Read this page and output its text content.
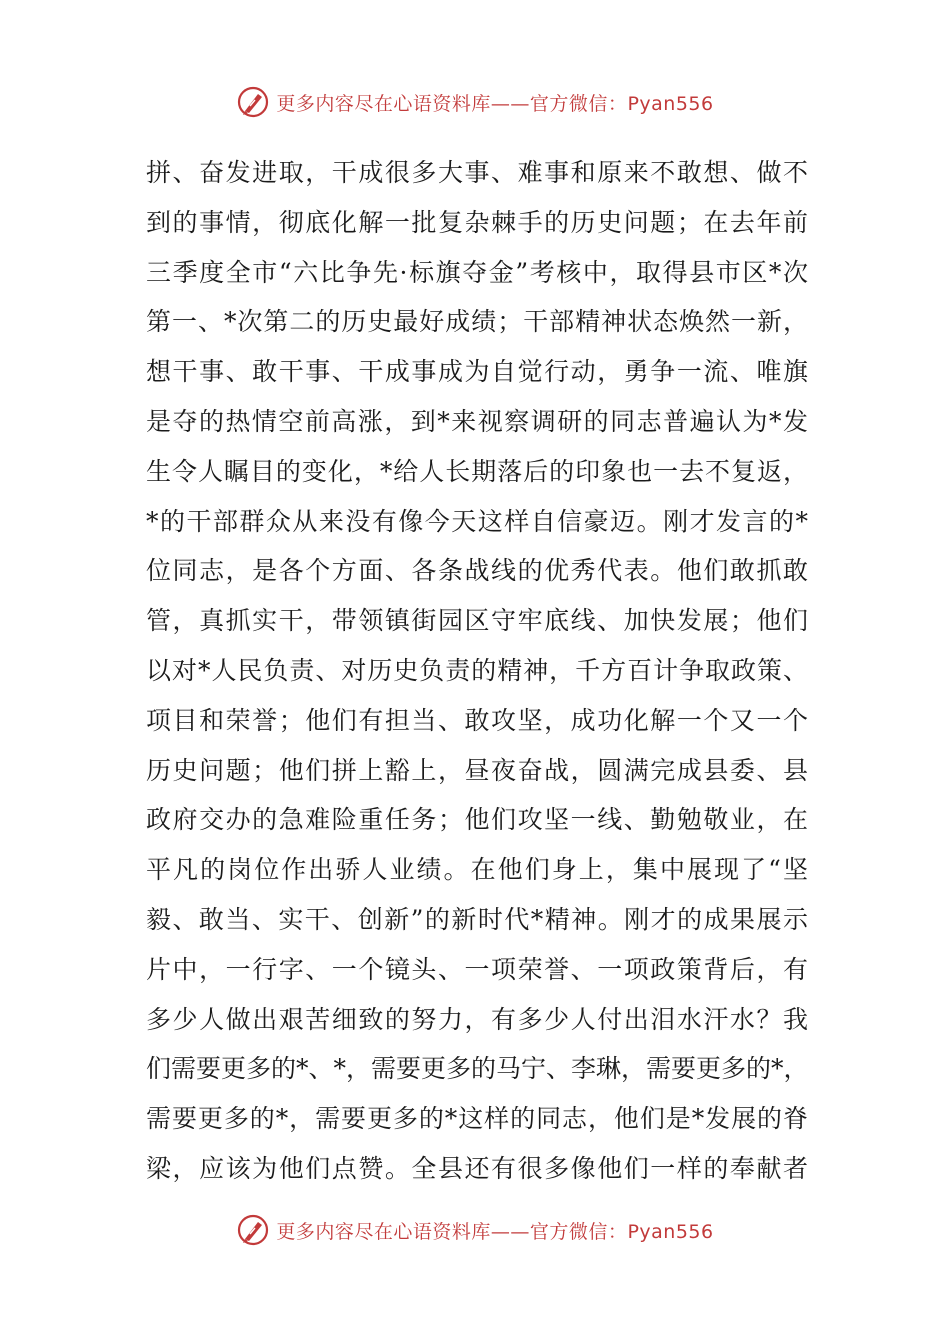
更多内容尽在心语资料库——官方微信：Pyan556
拼、奋发进取，干成很多大事、难事和原来不敢想、做不
到的事情，彻底化解一批复杂棘手的历史问题；在去年前
三季度全市“六比争先·标旗夺金”考核中，取得县市区*次
第一、*次第二的历史最好成绩；干部精神状态焕然一新，
想干事、敢干事、干成事成为自觉行动，勇争一流、唯旗
是夺的热情空前高涨，到*来视察调研的同志普遍认为*发
生令人瞩目的变化，*给人长期落后的印象也一去不复返，
*的干部群众从来没有像今天这样自信豪迈。刚才发言的*
位同志，是各个方面、各条战线的优秀代表。他们敢抓敢
管，真抓实干，带领镇街园区守牢底线、加快发展；他们
以对*人民负责、对历史负责的精神，千方百计争取政策、
项目和荣誉；他们有担当、敢攻坚，成功化解一个又一个
历史问题；他们拼上豁上，昼夜奋战，圆满完成县委、县
政府交办的急难险重任务；他们攻坚一线、勤勉敬业，在
平凡的岗位作出骄人业绩。在他们身上，集中展现了“坚
毅、敢当、实干、创新”的新时代*精神。刚才的成果展示
片中，一行字、一个镜头、一项荣誉、一项政策背后，有
多少人做出艰苦细致的努力，有多少人付出泪水汗水？我
们需要更多的*、*，需要更多的马宁、李琳，需要更多的*，
需要更多的*，需要更多的*这样的同志，他们是*发展的脊
梁，应该为他们点赞。全县还有很多像他们一样的奉献者
更多内容尽在心语资料库——官方微信：Pyan556
